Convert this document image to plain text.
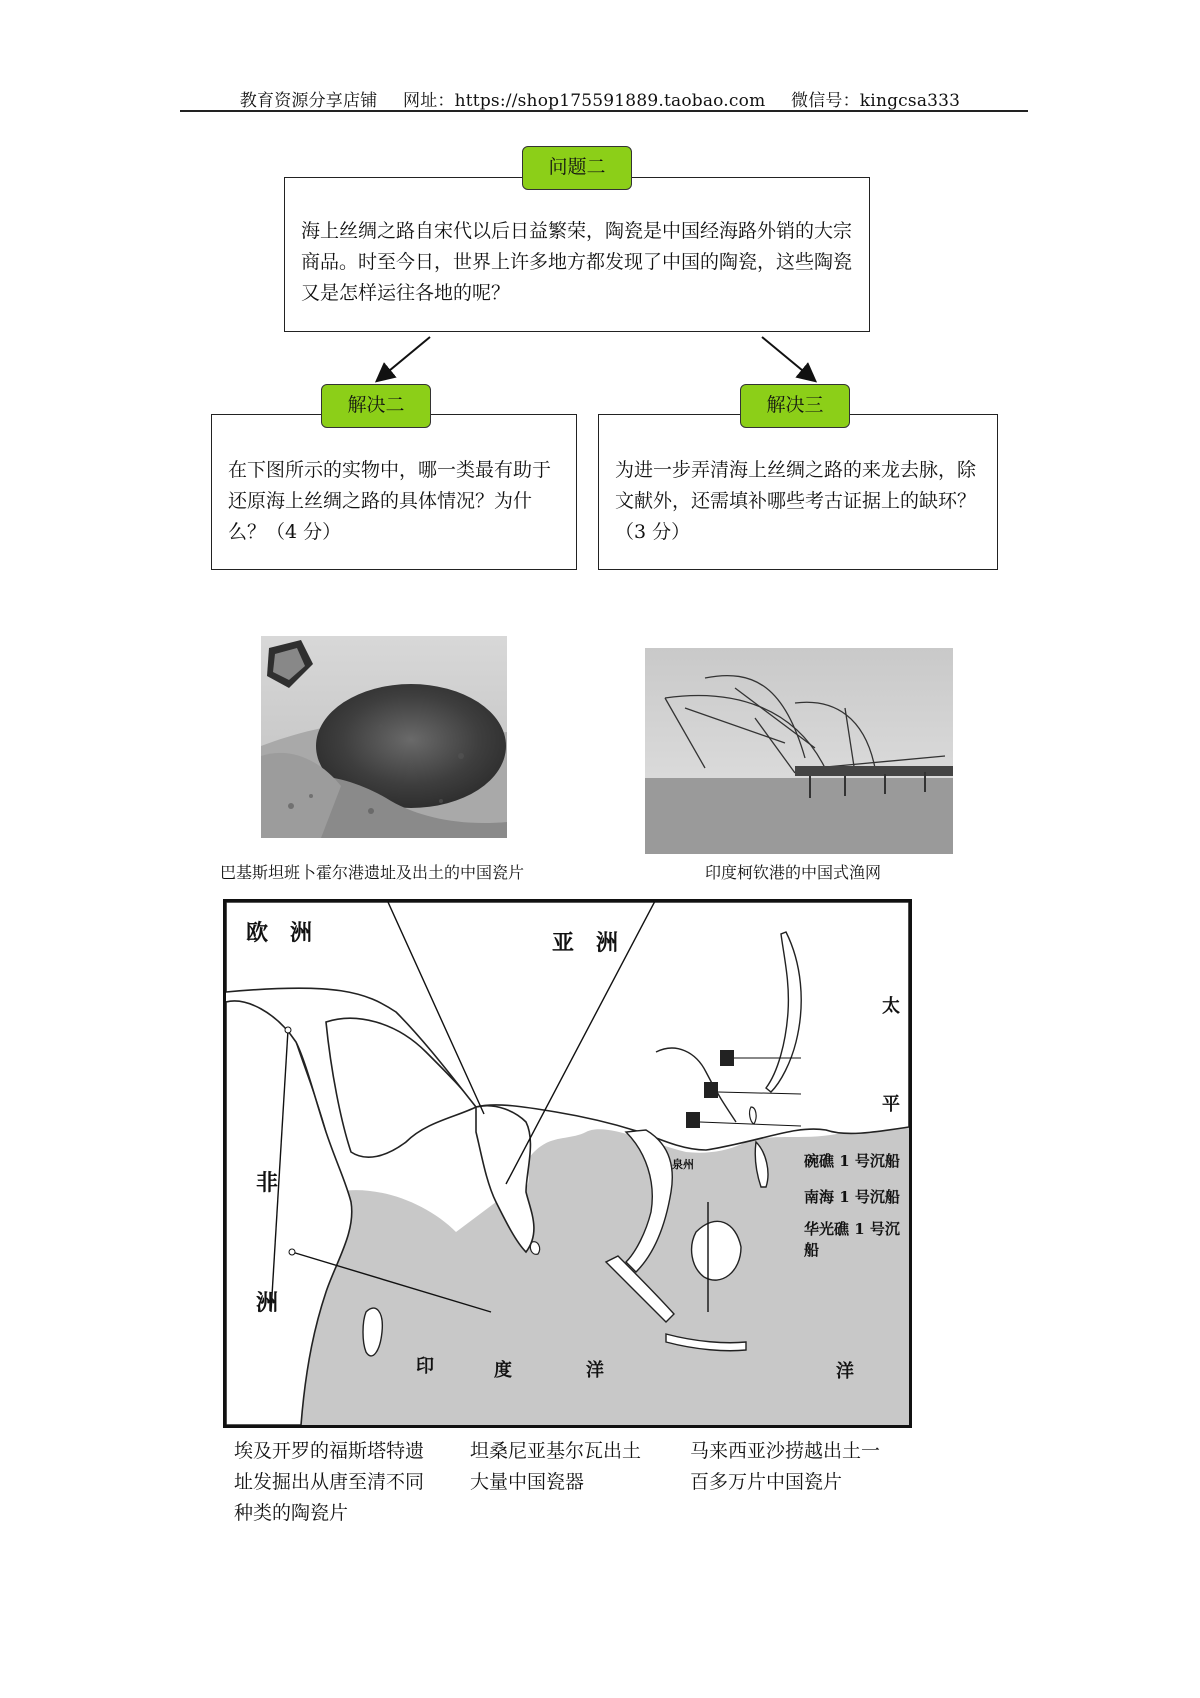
教育资源分享店铺 网址：https://shop175591889.taobao.com 微信号：kingcsa333
海上丝绸之路自宋代以后日益繁荣，陶瓷是中国经海路外销的大宗商品。时至今日，世界上许多地方都发现了中国的陶瓷，这些陶瓷又是怎样运往各地的呢？
问题二
在下图所示的实物中，哪一类最有助于还原海上丝绸之路的具体情况？为什么？（4 分）
解决二
为进一步弄清海上丝绸之路的来龙去脉，除文献外，还需填补哪些考古证据上的缺环？（3 分）
解决三
巴基斯坦班卜霍尔港遗址及出土的中国瓷片	印度柯钦港的中国式渔网
欧　洲	亚　洲
非
洲
太
平
洋
印	度	洋
泉州	碗礁 1 号沉船
南海 1 号沉船
华光礁 1 号沉船
埃及开罗的福斯塔特遗址发掘出从唐至清不同种类的陶瓷片
坦桑尼亚基尔瓦出土大量中国瓷器
马来西亚沙捞越出土一百多万片中国瓷片
